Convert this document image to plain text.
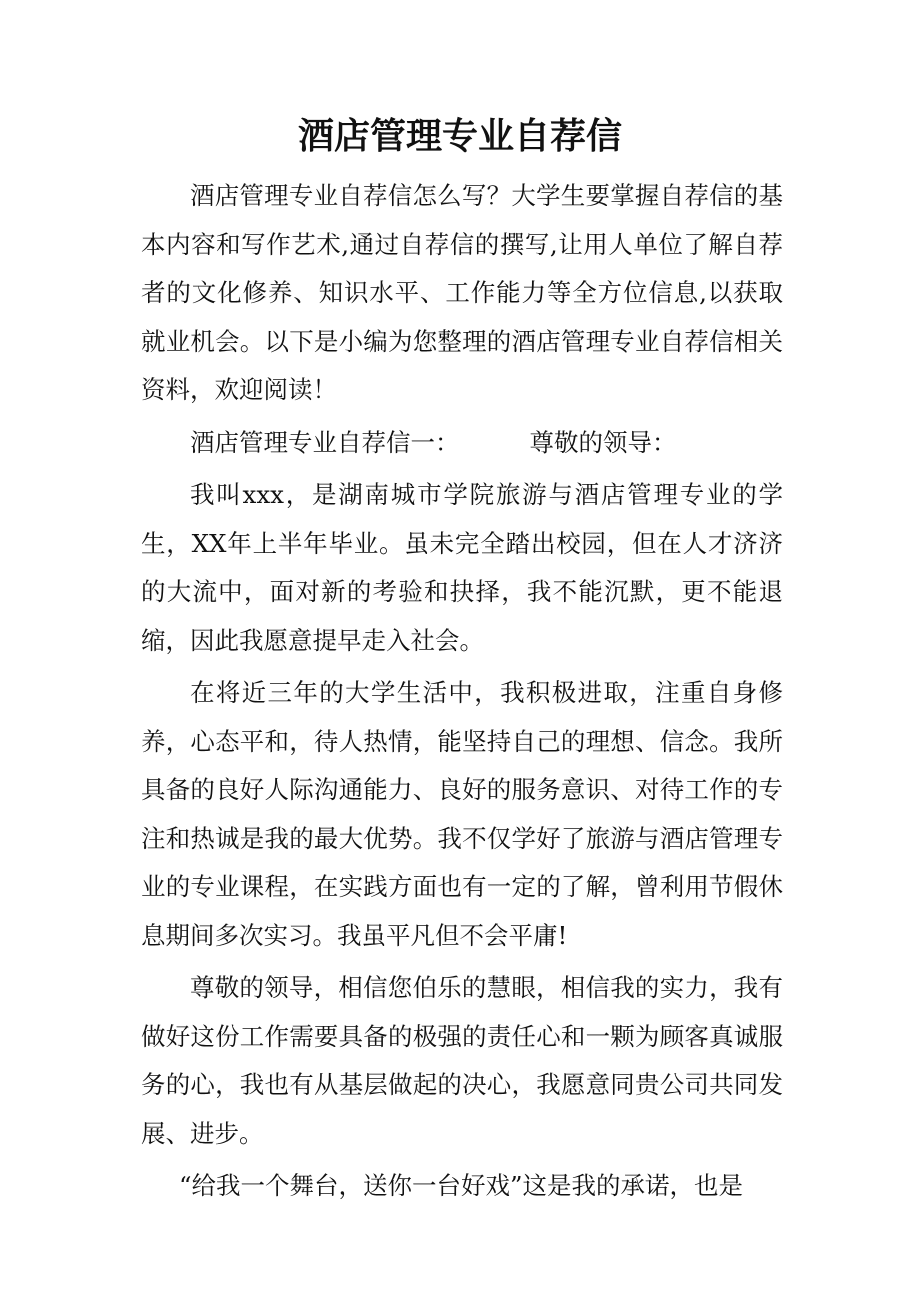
酒店管理专业自荐信

酒店管理专业自荐信怎么写？大学生要掌握自荐信的基本内容和写作艺术,通过自荐信的撰写,让用人单位了解自荐者的文化修养、知识水平、工作能力等全方位信息,以获取就业机会。以下是小编为您整理的酒店管理专业自荐信相关资料，欢迎阅读！

酒店管理专业自荐信一：	尊敬的领导：

我叫xxx，是湖南城市学院旅游与酒店管理专业的学生，XX年上半年毕业。虽未完全踏出校园，但在人才济济的大流中，面对新的考验和抉择，我不能沉默，更不能退缩，因此我愿意提早走入社会。

在将近三年的大学生活中，我积极进取，注重自身修养，心态平和，待人热情，能坚持自己的理想、信念。我所具备的良好人际沟通能力、良好的服务意识、对待工作的专注和热诚是我的最大优势。我不仅学好了旅游与酒店管理专业的专业课程，在实践方面也有一定的了解，曾利用节假休息期间多次实习。我虽平凡但不会平庸!

尊敬的领导，相信您伯乐的慧眼，相信我的实力，我有做好这份工作需要具备的极强的责任心和一颗为顾客真诚服务的心，我也有从基层做起的决心，我愿意同贵公司共同发展、进步。

“给我一个舞台，送你一台好戏”这是我的承诺，也是
